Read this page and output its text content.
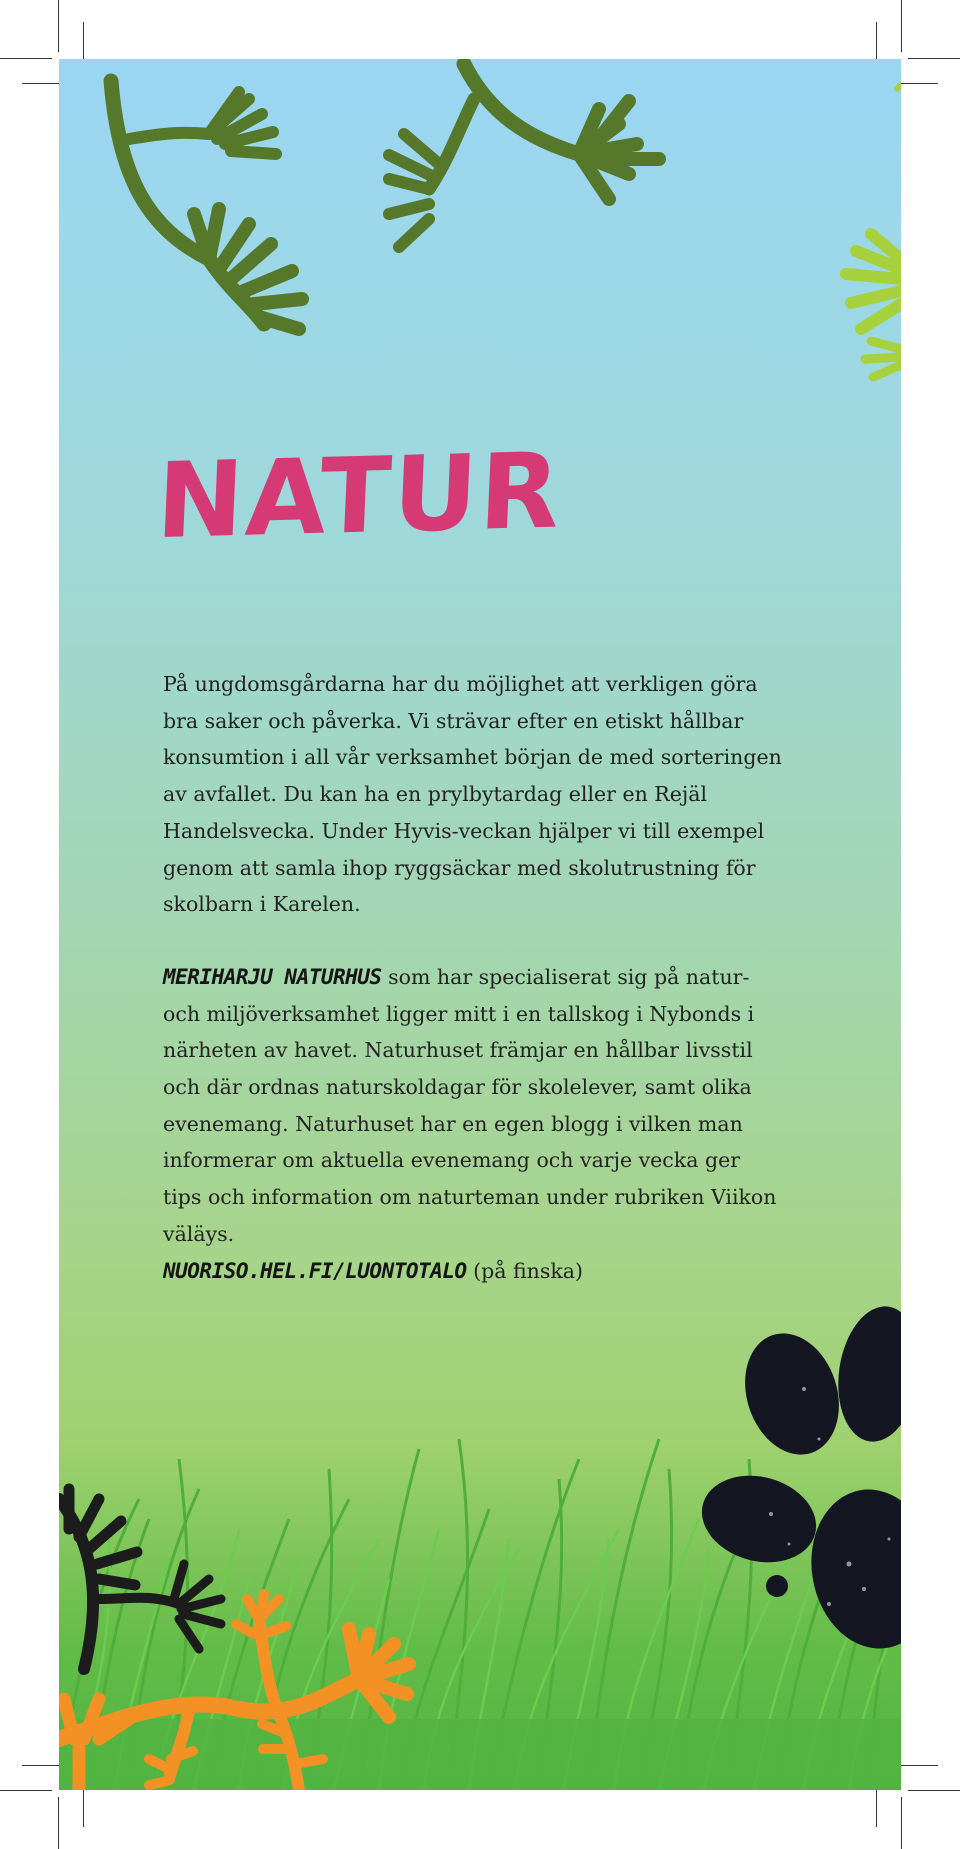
NATUR

På ungdomsgårdarna har du möjlighet att verkligen göra bra saker och påverka. Vi strävar efter en etiskt hållbar konsumtion i all vår verksamhet början de med sorteringen av avfallet. Du kan ha en prylbytardag eller en Rejäl Handelsvecka. Under Hyvis-veckan hjälper vi till exempel genom att samla ihop ryggsäckar med skolutrustning för skolbarn i Karelen.

MERIHARJU NATURHUS som har specialiserat sig på natur- och miljöverksamhet ligger mitt i en tallskog i Nybonds i närheten av havet. Naturhuset främjar en hållbar livsstil och där ordnas naturskoldagar för skolelever, samt olika evenemang. Naturhuset har en egen blogg i vilken man informerar om aktuella evenemang och varje vecka ger tips och information om naturteman under rubriken Viikon väläys.

NUORISO.HEL.FI/LUONTOTALO (på finska)
